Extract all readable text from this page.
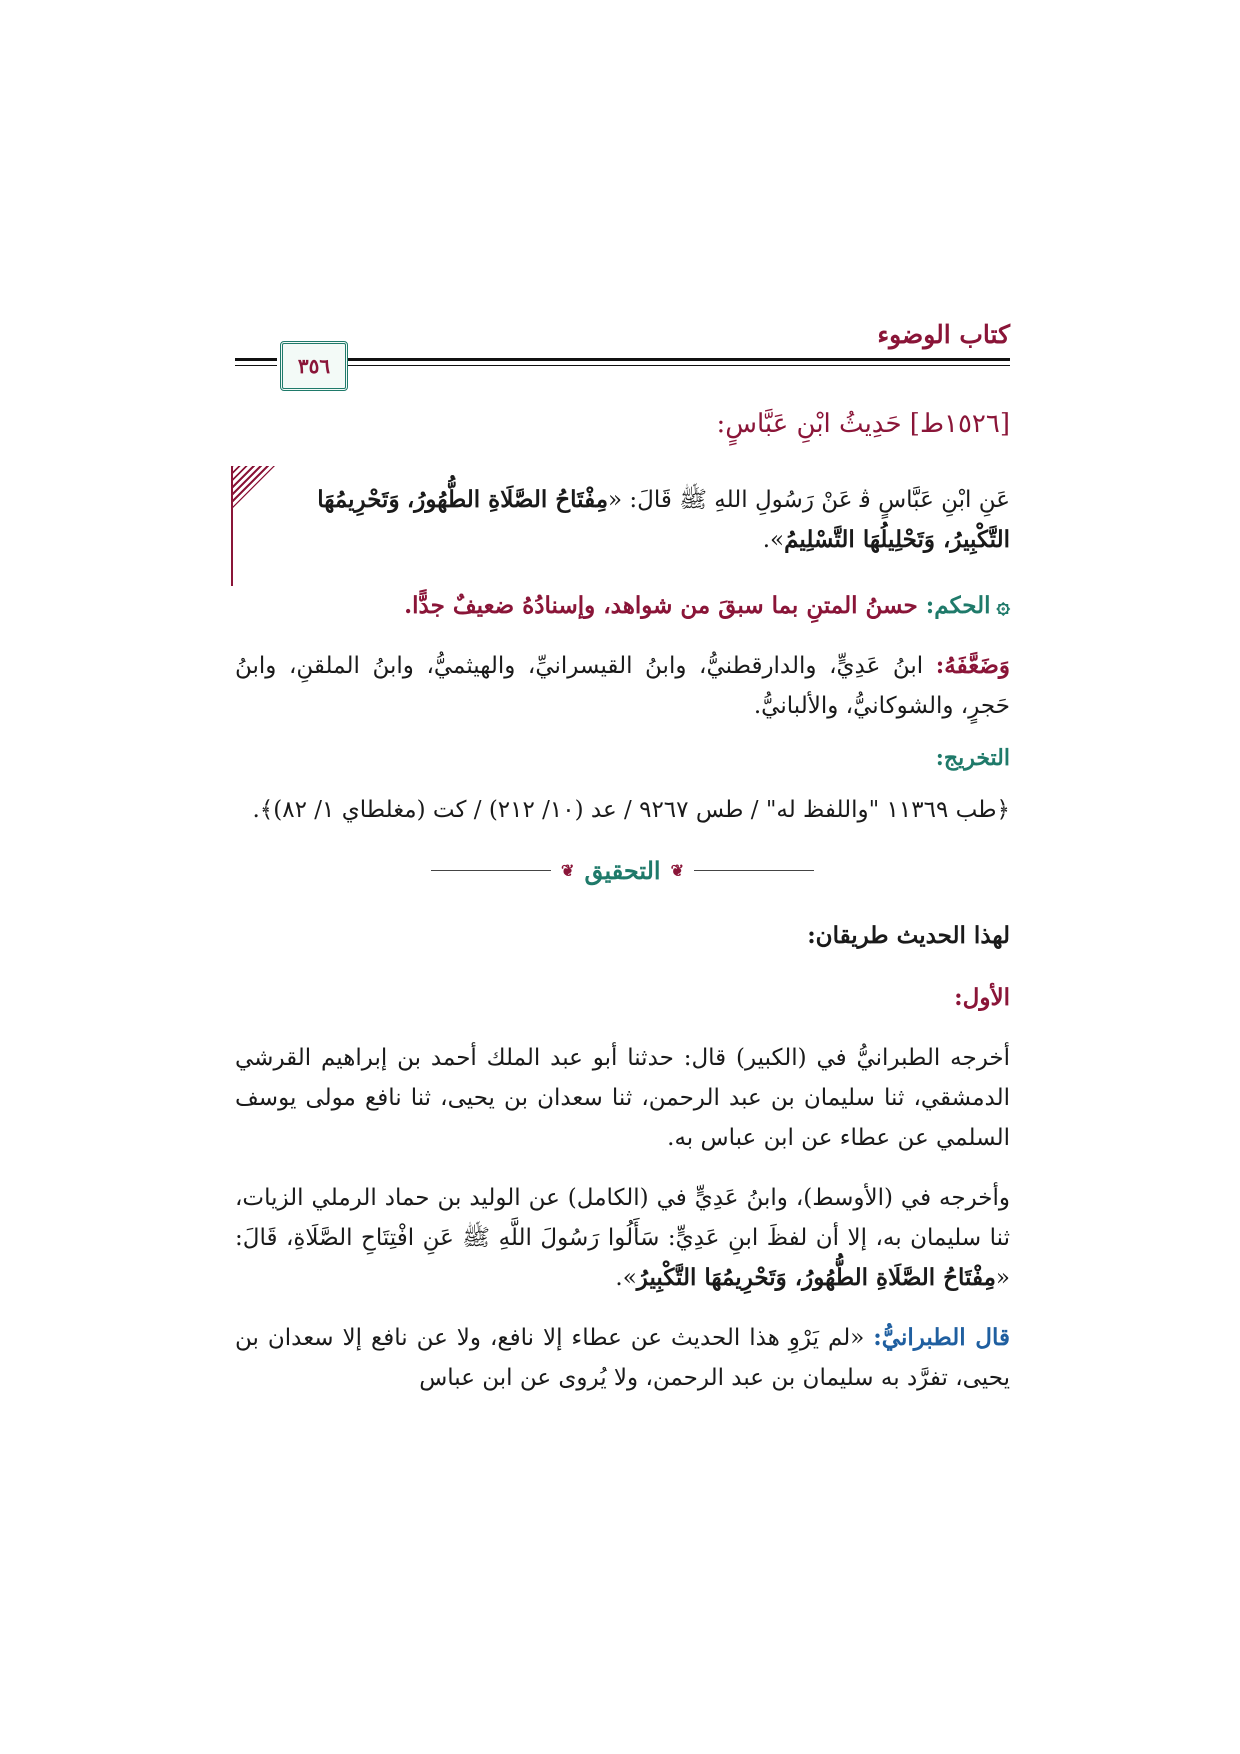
كتاب الوضوء
٣٥٦
[١٥٢٦ط] حَدِيثُ ابْنِ عَبَّاسٍ:
عَنِ ابْنِ عَبَّاسٍ ﭬ عَنْ رَسُولِ اللهِ ﷺ قَالَ: «مِفْتَاحُ الصَّلَاةِ الطُّهُورُ، وَتَحْرِيمُهَا التَّكْبِيرُ، وَتَحْلِيلُهَا التَّسْلِيمُ».
۞الحكم: حسنُ المتنِ بما سبقَ من شواهد، وإسنادُهُ ضعيفٌ جدًّا.
وَضَعَّفَهُ: ابنُ عَدِيٍّ، والدارقطنيُّ، وابنُ القيسرانيِّ، والهيثميُّ، وابنُ الملقنِ، وابنُ حَجرٍ، والشوكانيُّ، والألبانيُّ.
التخريج:
﴿طب ١١٣٦٩ "واللفظ له" / طس ٩٢٦٧ / عد (١٠/ ٢١٢) / كت (مغلطاي ١/ ٨٢)﴾.
❦
التحقيق
❦
لهذا الحديث طريقان:
الأول:
أخرجه الطبرانيُّ في (الكبير) قال: حدثنا أبو عبد الملك أحمد بن إبراهيم القرشي الدمشقي، ثنا سليمان بن عبد الرحمن، ثنا سعدان بن يحيى، ثنا نافع مولى يوسف السلمي عن عطاء عن ابن عباس به.
وأخرجه في (الأوسط)، وابنُ عَدِيٍّ في (الكامل) عن الوليد بن حماد الرملي الزيات، ثنا سليمان به، إلا أن لفظَ ابنِ عَدِيٍّ: سَأَلُوا رَسُولَ اللَّهِ ﷺ عَنِ افْتِتَاحِ الصَّلَاةِ، قَالَ: «مِفْتَاحُ الصَّلَاةِ الطُّهُورُ، وَتَحْرِيمُهَا التَّكْبِيرُ».
قال الطبرانيُّ: «لم يَرْوِ هذا الحديث عن عطاء إلا نافع، ولا عن نافع إلا سعدان بن يحيى، تفرَّد به سليمان بن عبد الرحمن، ولا يُروى عن ابن عباس
